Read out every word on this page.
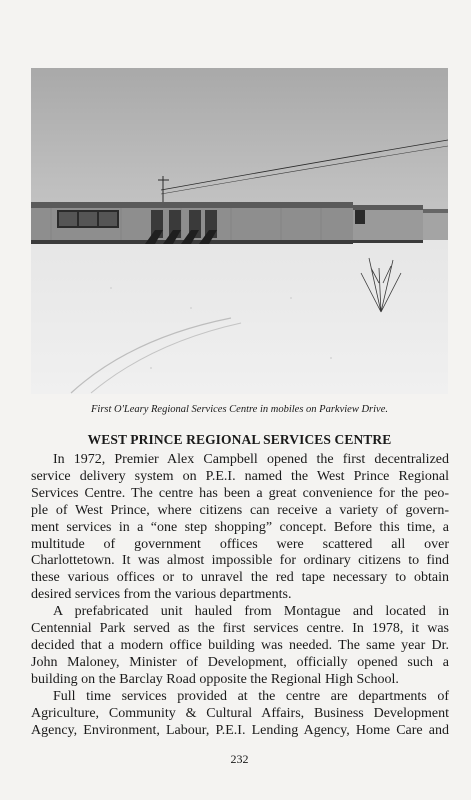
First O'Leary Regional Services Centre in mobiles on Parkview Drive.
WEST PRINCE REGIONAL SERVICES CENTRE
In 1972, Premier Alex Campbell opened the first decentralized
service delivery system on P.E.I. named the West Prince Regional
Services Centre. The centre has been a great convenience for the peo-
ple of West Prince, where citizens can receive a variety of govern-
ment services in a “one step shopping” concept. Before this time, a
multitude of government offices were scattered all over
Charlottetown. It was almost impossible for ordinary citizens to find
these various offices or to unravel the red tape necessary to obtain
desired services from the various departments.
A prefabricated unit hauled from Montague and located in
Centennial Park served as the first services centre. In 1978, it was
decided that a modern office building was needed. The same year Dr.
John Maloney, Minister of Development, officially opened such a
building on the Barclay Road opposite the Regional High School.
Full time services provided at the centre are departments of
Agriculture, Community & Cultural Affairs, Business Development
Agency, Environment, Labour, P.E.I. Lending Agency, Home Care and
232
